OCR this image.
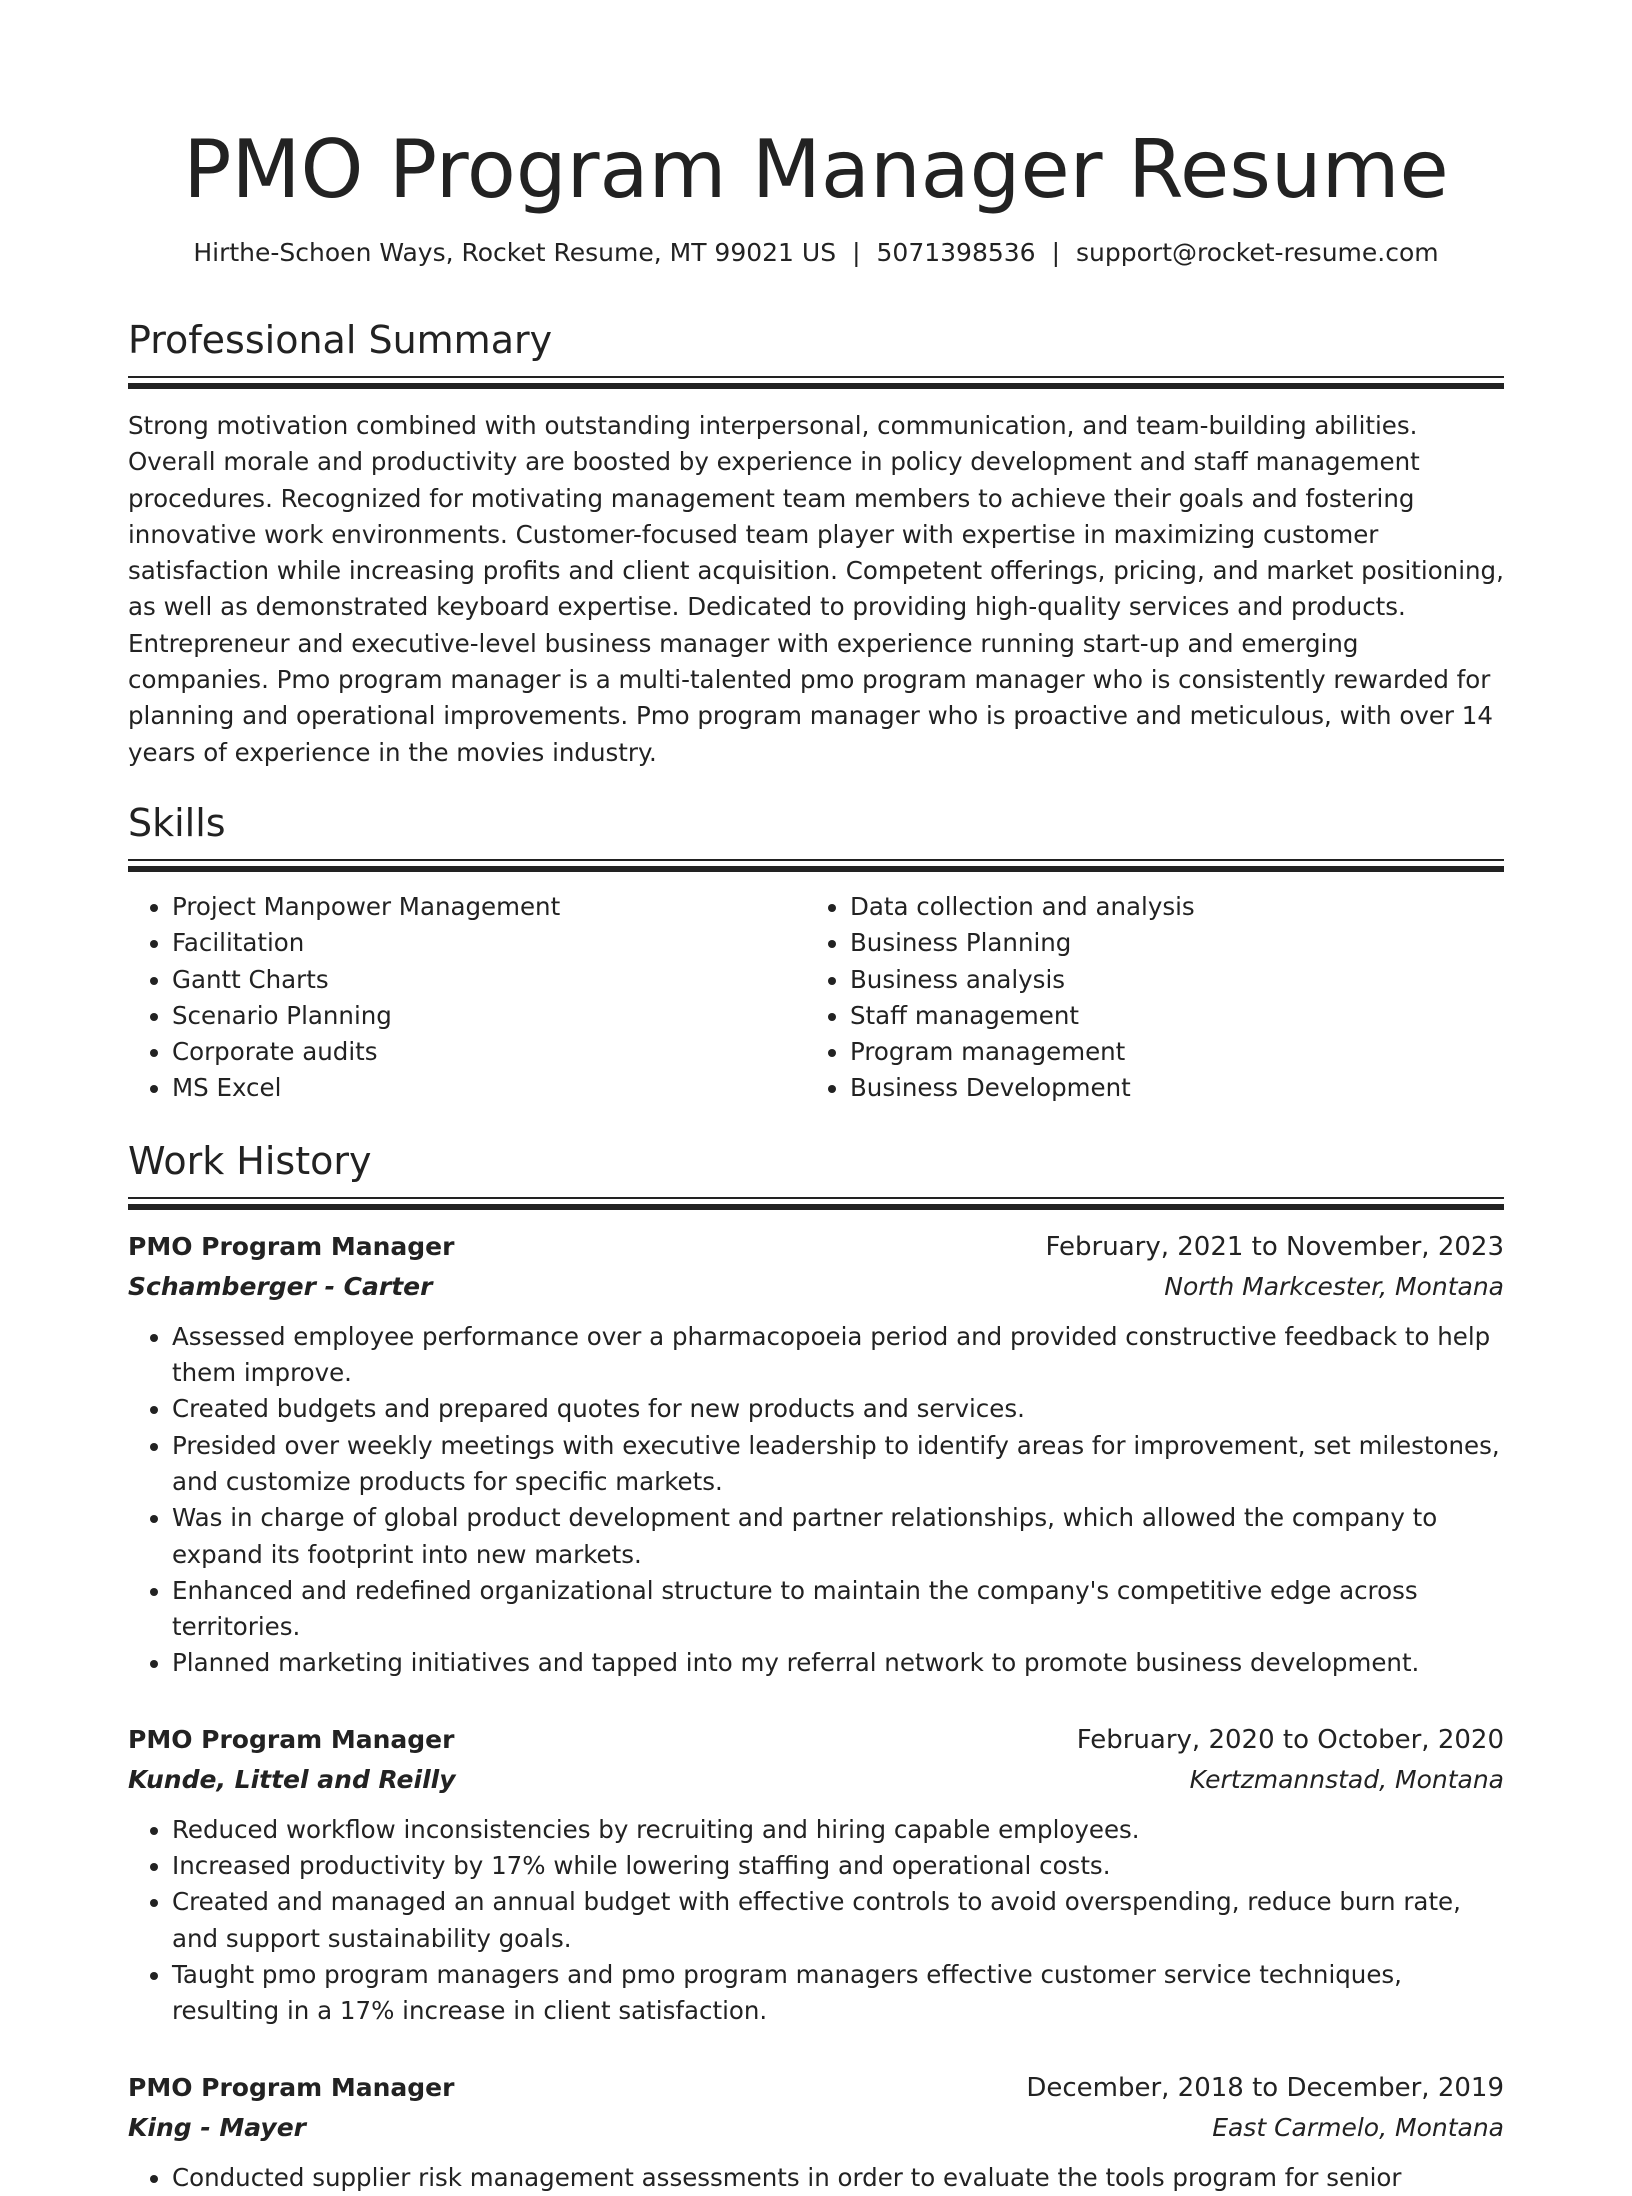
PMO Program Manager Resume
Hirthe-Schoen Ways, Rocket Resume, MT 99021 US | 5071398536 | support@rocket-resume.com
Professional Summary

Strong motivation combined with outstanding interpersonal, communication, and team-building abilities. Overall morale and productivity are boosted by experience in policy development and staff management procedures. Recognized for motivating management team members to achieve their goals and fostering innovative work environments. Customer-focused team player with expertise in maximizing customer satisfaction while increasing profits and client acquisition. Competent offerings, pricing, and market positioning, as well as demonstrated keyboard expertise. Dedicated to providing high-quality services and products. Entrepreneur and executive-level business manager with experience running start-up and emerging companies. Pmo program manager is a multi-talented pmo program manager who is consistently rewarded for planning and operational improvements. Pmo program manager who is proactive and meticulous, with over 14 years of experience in the movies industry.

Skills
• Project Manpower Management
• Facilitation
• Gantt Charts
• Scenario Planning
• Corporate audits
• MS Excel
• Data collection and analysis
• Business Planning
• Business analysis
• Staff management
• Program management
• Business Development
Work History
PMO Program Manager	February, 2021 to November, 2023
Schamberger - Carter	North Markcester, Montana
• Assessed employee performance over a pharmacopoeia period and provided constructive feedback to help them improve.
• Created budgets and prepared quotes for new products and services.
• Presided over weekly meetings with executive leadership to identify areas for improvement, set milestones, and customize products for specific markets.
• Was in charge of global product development and partner relationships, which allowed the company to expand its footprint into new markets.
• Enhanced and redefined organizational structure to maintain the company's competitive edge across territories.
• Planned marketing initiatives and tapped into my referral network to promote business development.
PMO Program Manager	February, 2020 to October, 2020
Kunde, Littel and Reilly	Kertzmannstad, Montana
• Reduced workflow inconsistencies by recruiting and hiring capable employees.
• Increased productivity by 17% while lowering staffing and operational costs.
• Created and managed an annual budget with effective controls to avoid overspending, reduce burn rate, and support sustainability goals.
• Taught pmo program managers and pmo program managers effective customer service techniques, resulting in a 17% increase in client satisfaction.
PMO Program Manager	December, 2018 to December, 2019
King - Mayer	East Carmelo, Montana
• Conducted supplier risk management assessments in order to evaluate the tools program for senior
